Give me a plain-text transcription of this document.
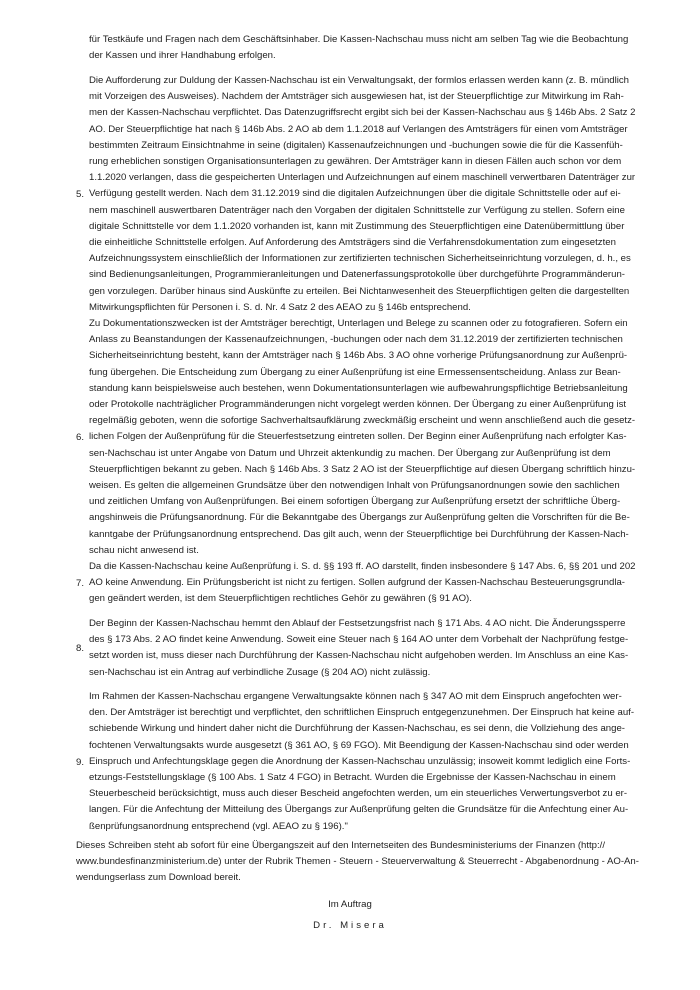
für Testkäufe und Fragen nach dem Geschäftsinhaber. Die Kassen-Nachschau muss nicht am selben Tag wie die Beobachtung
der Kassen und ihrer Handhabung erfolgen.
Die Aufforderung zur Duldung der Kassen-Nachschau ist ein Verwaltungsakt, der formlos erlassen werden kann (z. B. mündlich
mit Vorzeigen des Ausweises). Nachdem der Amtsträger sich ausgewiesen hat, ist der Steuerpflichtige zur Mitwirkung im Rah-
men der Kassen-Nachschau verpflichtet. Das Datenzugriffsrecht ergibt sich bei der Kassen-Nachschau aus § 146b Abs. 2 Satz 2
AO. Der Steuerpflichtige hat nach § 146b Abs. 2 AO ab dem 1.1.2018 auf Verlangen des Amtsträgers für einen vom Amtsträger
bestimmten Zeitraum Einsichtnahme in seine (digitalen) Kassenaufzeichnungen und -buchungen sowie die für die Kassenfüh-
rung erheblichen sonstigen Organisationsunterlagen zu gewähren. Der Amtsträger kann in diesen Fällen auch schon vor dem
1.1.2020 verlangen, dass die gespeicherten Unterlagen und Aufzeichnungen auf einem maschinell verwertbaren Datenträger zur
Verfügung gestellt werden. Nach dem 31.12.2019 sind die digitalen Aufzeichnungen über die digitale Schnittstelle oder auf ei-
nem maschinell auswertbaren Datenträger nach den Vorgaben der digitalen Schnittstelle zur Verfügung zu stellen. Sofern eine
digitale Schnittstelle vor dem 1.1.2020 vorhanden ist, kann mit Zustimmung des Steuerpflichtigen eine Datenübermittlung über
die einheitliche Schnittstelle erfolgen. Auf Anforderung des Amtsträgers sind die Verfahrensdokumentation zum eingesetzten
Aufzeichnungssystem einschließlich der Informationen zur zertifizierten technischen Sicherheitseinrichtung vorzulegen, d. h., es
sind Bedienungsanleitungen, Programmieranleitungen und Datenerfassungsprotokolle über durchgeführte Programmänderun-
gen vorzulegen. Darüber hinaus sind Auskünfte zu erteilen. Bei Nichtanwesenheit des Steuerpflichtigen gelten die dargestellten
Mitwirkungspflichten für Personen i. S. d. Nr. 4 Satz 2 des AEAO zu § 146b entsprechend.
5.
Zu Dokumentationszwecken ist der Amtsträger berechtigt, Unterlagen und Belege zu scannen oder zu fotografieren. Sofern ein
Anlass zu Beanstandungen der Kassenaufzeichnungen, -buchungen oder nach dem 31.12.2019 der zertifizierten technischen
Sicherheitseinrichtung besteht, kann der Amtsträger nach § 146b Abs. 3 AO ohne vorherige Prüfungsanordnung zur Außenprü-
fung übergehen. Die Entscheidung zum Übergang zu einer Außenprüfung ist eine Ermessensentscheidung. Anlass zur Bean-
standung kann beispielsweise auch bestehen, wenn Dokumentationsunterlagen wie aufbewahrungspflichtige Betriebsanleitung
oder Protokolle nachträglicher Programmänderungen nicht vorgelegt werden können. Der Übergang zu einer Außenprüfung ist
regelmäßig geboten, wenn die sofortige Sachverhaltsaufklärung zweckmäßig erscheint und wenn anschließend auch die gesetz-
lichen Folgen der Außenprüfung für die Steuerfestsetzung eintreten sollen. Der Beginn einer Außenprüfung nach erfolgter Kas-
sen-Nachschau ist unter Angabe von Datum und Uhrzeit aktenkundig zu machen. Der Übergang zur Außenprüfung ist dem
Steuerpflichtigen bekannt zu geben. Nach § 146b Abs. 3 Satz 2 AO ist der Steuerpflichtige auf diesen Übergang schriftlich hinzu-
weisen. Es gelten die allgemeinen Grundsätze über den notwendigen Inhalt von Prüfungsanordnungen sowie den sachlichen
und zeitlichen Umfang von Außenprüfungen. Bei einem sofortigen Übergang zur Außenprüfung ersetzt der schriftliche Überg-
angshinweis die Prüfungsanordnung. Für die Bekanntgabe des Übergangs zur Außenprüfung gelten die Vorschriften für die Be-
kanntgabe der Prüfungsanordnung entsprechend. Das gilt auch, wenn der Steuerpflichtige bei Durchführung der Kassen-Nach-
schau nicht anwesend ist.
6.
Da die Kassen-Nachschau keine Außenprüfung i. S. d. §§ 193 ff. AO darstellt, finden insbesondere § 147 Abs. 6, §§ 201 und 202
AO keine Anwendung. Ein Prüfungsbericht ist nicht zu fertigen. Sollen aufgrund der Kassen-Nachschau Besteuerungsgrundla-
gen geändert werden, ist dem Steuerpflichtigen rechtliches Gehör zu gewähren (§ 91 AO).
7.
Der Beginn der Kassen-Nachschau hemmt den Ablauf der Festsetzungsfrist nach § 171 Abs. 4 AO nicht. Die Änderungssperre
des § 173 Abs. 2 AO findet keine Anwendung. Soweit eine Steuer nach § 164 AO unter dem Vorbehalt der Nachprüfung festge-
setzt worden ist, muss dieser nach Durchführung der Kassen-Nachschau nicht aufgehoben werden. Im Anschluss an eine Kas-
sen-Nachschau ist ein Antrag auf verbindliche Zusage (§ 204 AO) nicht zulässig.
8.
Im Rahmen der Kassen-Nachschau ergangene Verwaltungsakte können nach § 347 AO mit dem Einspruch angefochten wer-
den. Der Amtsträger ist berechtigt und verpflichtet, den schriftlichen Einspruch entgegenzunehmen. Der Einspruch hat keine auf-
schiebende Wirkung und hindert daher nicht die Durchführung der Kassen-Nachschau, es sei denn, die Vollziehung des ange-
fochtenen Verwaltungsakts wurde ausgesetzt (§ 361 AO, § 69 FGO). Mit Beendigung der Kassen-Nachschau sind oder werden
Einspruch und Anfechtungsklage gegen die Anordnung der Kassen-Nachschau unzulässig; insoweit kommt lediglich eine Forts-
etzungs-Feststellungsklage (§ 100 Abs. 1 Satz 4 FGO) in Betracht. Wurden die Ergebnisse der Kassen-Nachschau in einem
Steuerbescheid berücksichtigt, muss auch dieser Bescheid angefochten werden, um ein steuerliches Verwertungsverbot zu er-
langen. Für die Anfechtung der Mitteilung des Übergangs zur Außenprüfung gelten die Grundsätze für die Anfechtung einer Au-
ßenprüfungsanordnung entsprechend (vgl. AEAO zu § 196)."
9.
Dieses Schreiben steht ab sofort für eine Übergangszeit auf den Internetseiten des Bundesministeriums der Finanzen (http://
www.bundesfinanzministerium.de) unter der Rubrik Themen - Steuern - Steuerverwaltung & Steuerrecht - Abgabenordnung - AO-An-
wendungserlass zum Download bereit.
Im Auftrag
Dr. Misera
